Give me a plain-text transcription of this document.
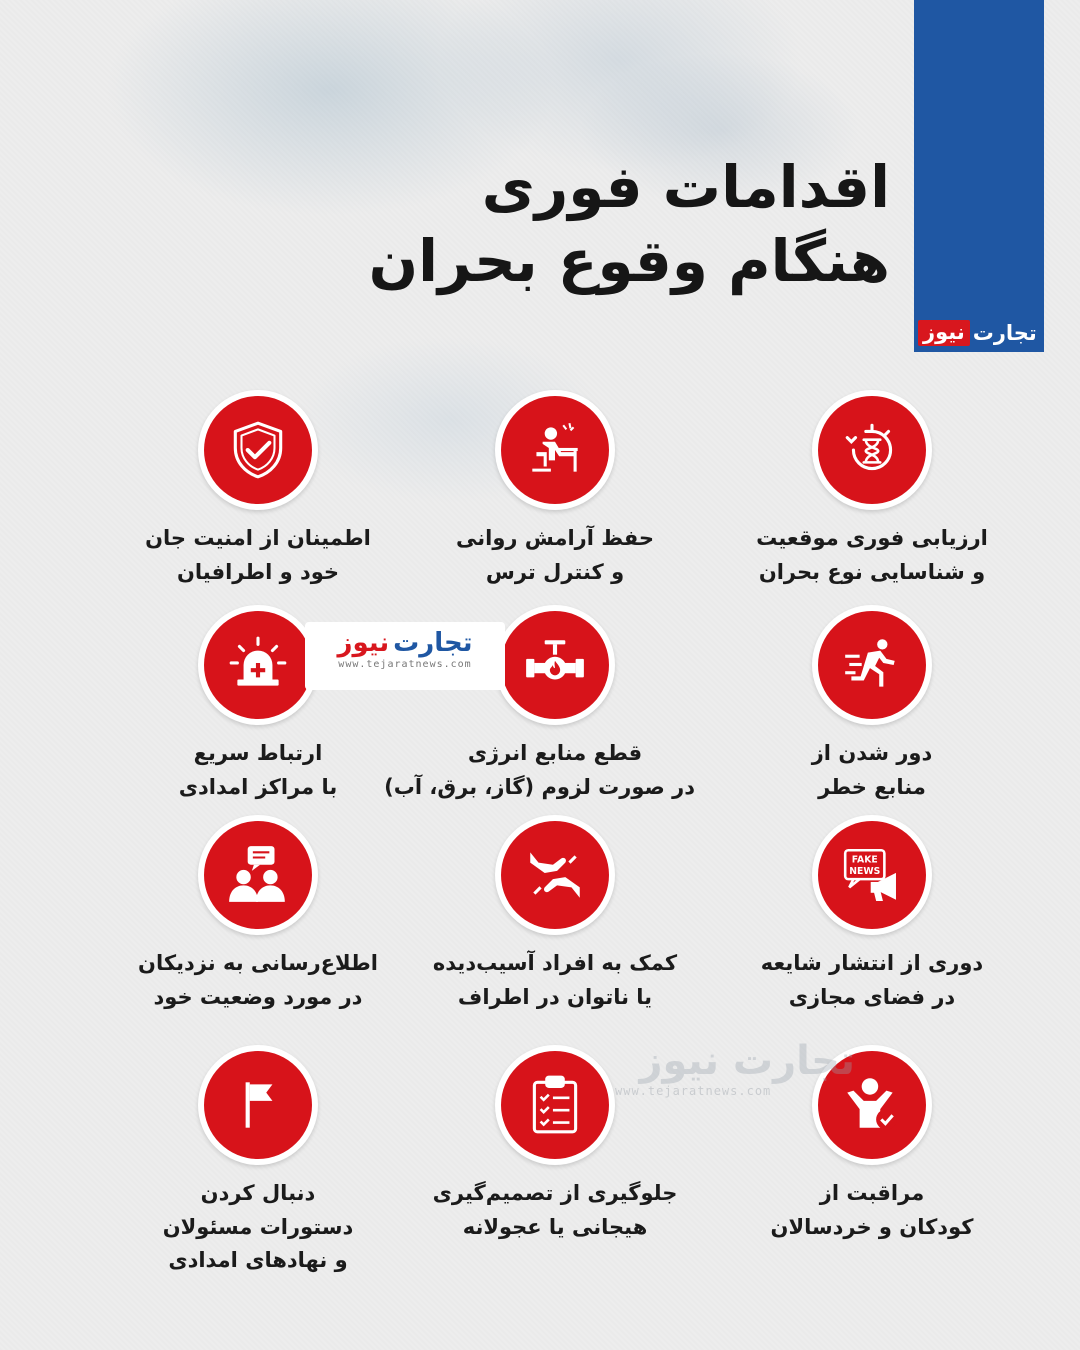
تجارت
نیوز
اقدامات فوری
هنگام وقوع بحران
ارزیابی فوری موقعیت
و شناسایی نوع بحران
حفظ آرامش روانی
و کنترل ترس
اطمینان از امنیت جان
خود و اطرافیان
دور شدن از
منابع خطر
قطع منابع انرژی
در صورت لزوم (گاز، برق، آب)
ارتباط سریع
با مراکز امدادی
FAKE
NEWS
دوری از انتشار شایعه
در فضای مجازی
کمک به افراد آسیب‌دیده
یا ناتوان در اطراف
اطلاع‌رسانی به نزدیکان
در مورد وضعیت خود
مراقبت از
کودکان و خردسالان
جلوگیری از تصمیم‌گیری
هیجانی یا عجولانه
دنبال کردن
دستورات مسئولان
و نهادهای امدادی
تجارت
نیوز
www.tejaratnews.com
تجارت نیوز
www.tejaratnews.com
